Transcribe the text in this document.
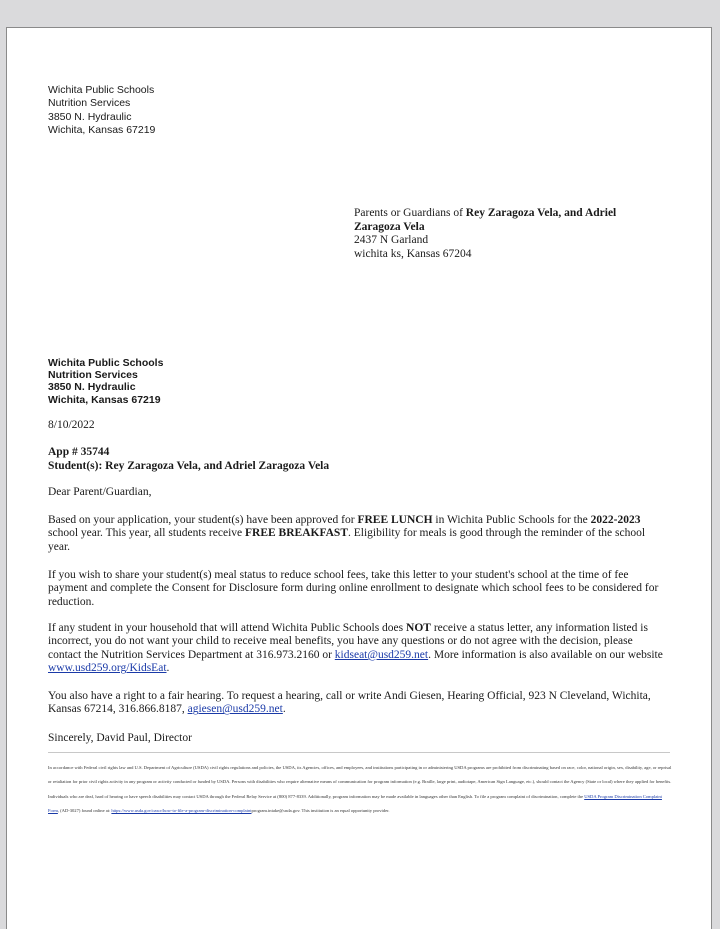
Wichita Public Schools
Nutrition Services
3850 N. Hydraulic
Wichita, Kansas 67219
Parents or Guardians of Rey Zaragoza Vela, and Adriel
Zaragoza Vela
2437 N Garland
wichita ks, Kansas 67204
Wichita Public Schools
Nutrition Services
3850 N. Hydraulic
Wichita, Kansas 67219
8/10/2022
App # 35744
Student(s): Rey Zaragoza Vela, and Adriel Zaragoza Vela
Dear Parent/Guardian,
Based on your application, your student(s) have been approved for FREE LUNCH in Wichita Public Schools for the 2022-2023 school year. This year, all students receive FREE BREAKFAST. Eligibility for meals is good through the reminder of the school year.
If you wish to share your student(s) meal status to reduce school fees, take this letter to your student's school at the time of fee payment and complete the Consent for Disclosure form during online enrollment to designate which school fees to be considered for reduction.
If any student in your household that will attend Wichita Public Schools does NOT receive a status letter, any information listed is incorrect, you do not want your child to receive meal benefits, you have any questions or do not agree with the decision, please contact the Nutrition Services Department at 316.973.2160 or kidseat@usd259.net. More information is also available on our website www.usd259.org/KidsEat.
You also have a right to a fair hearing. To request a hearing, call or write Andi Giesen, Hearing Official, 923 N Cleveland, Wichita, Kansas 67214, 316.866.8187, agiesen@usd259.net.
Sincerely, David Paul, Director
In accordance with Federal civil rights law and U.S. Department of Agriculture (USDA) civil rights regulations and policies, the USDA, its Agencies, offices, and employees, and institutions participating in or administering USDA programs are prohibited from discriminating based on race, color, national origin, sex, disability, age, or reprisal or retaliation for prior civil rights activity in any program or activity conducted or funded by USDA. Persons with disabilities who require alternative means of communication for program information (e.g. Braille, large print, audiotape, American Sign Language, etc.), should contact the Agency (State or local) where they applied for benefits. Individuals who are deaf, hard of hearing or have speech disabilities may contact USDA through the Federal Relay Service at (800) 877-8339. Additionally, program information may be made available in languages other than English. To file a program complaint of discrimination, complete the USDA Program Discrimination Complaint Form, (AD-3027) found online at: https://www.usda.gov/oascr/how-to-file-a-program-discrimination-complaintprogram.intake@usda.gov. This institution is an equal opportunity provider.
